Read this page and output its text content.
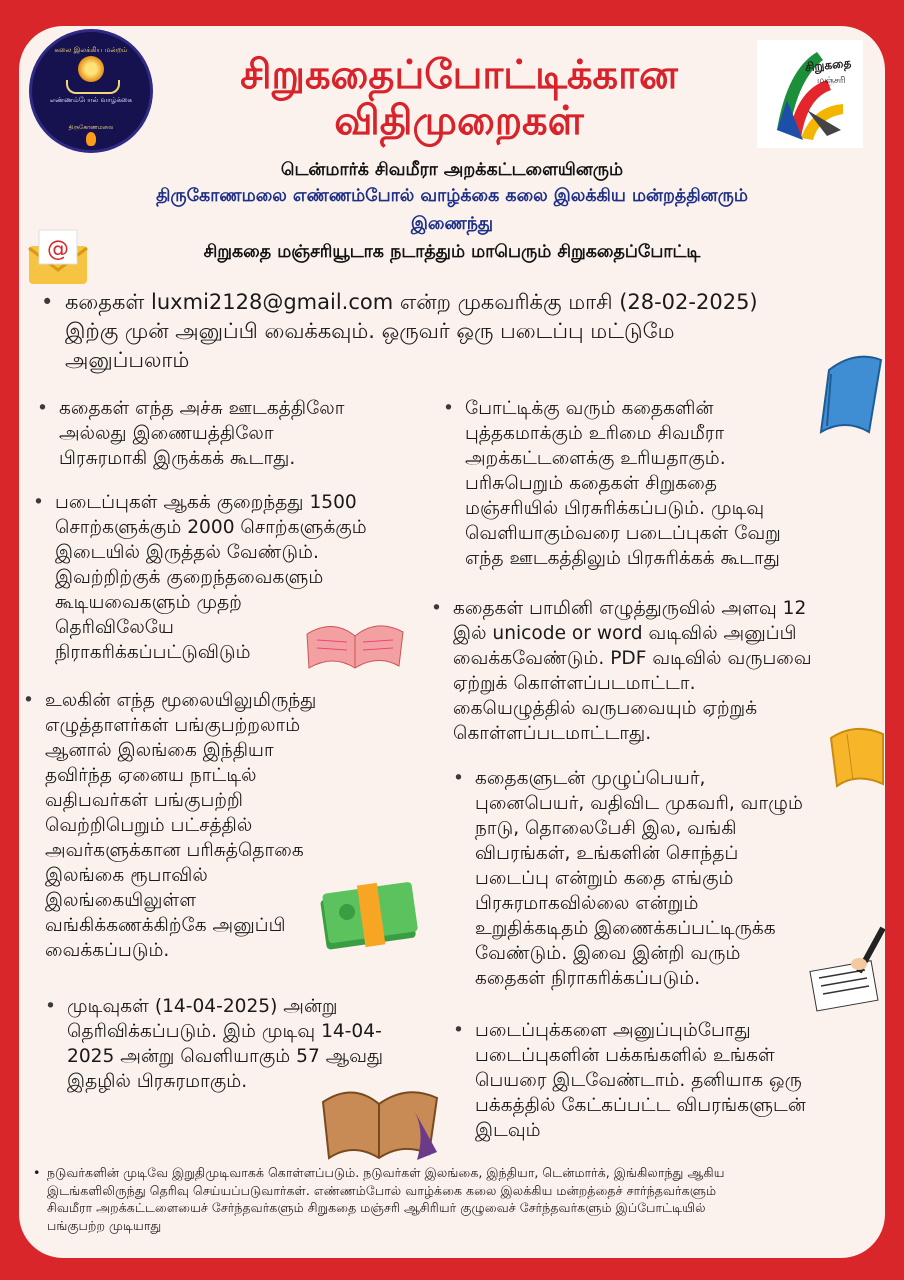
கலை இலக்கிய மன்றம்
எண்ணம்போல் வாழ்க்கை
திருகோணமலை
சிறுகதைப்போட்டிக்கான
விதிமுறைகள்
சிறுகதை
மஞ்சரி
டென்மார்க் சிவமீரா அறக்கட்டளையினரும்
திருகோணமலை எண்ணம்போல் வாழ்க்கை கலை இலக்கிய மன்றத்தினரும்
இணைந்து
சிறுகதை மஞ்சரியூடாக நடாத்தும் மாபெரும் சிறுகதைப்போட்டி
@
• கதைகள் luxmi2128@gmail.com என்ற முகவரிக்கு மாசி (28-02-2025)
இற்கு முன் அனுப்பி வைக்கவும். ஒருவர் ஒரு படைப்பு மட்டுமே
அனுப்பலாம்
• கதைகள் எந்த அச்சு ஊடகத்திலோ
அல்லது இணையத்திலோ
பிரசுரமாகி இருக்கக் கூடாது.
• படைப்புகள் ஆகக் குறைந்தது 1500
சொற்களுக்கும் 2000 சொற்களுக்கும்
இடையில் இருத்தல் வேண்டும்.
இவற்றிற்குக் குறைந்தவைகளும்
கூடியவைகளும் முதற்
தெரிவிலேயே
நிராகரிக்கப்பட்டுவிடும்
• உலகின் எந்த மூலையிலுமிருந்து
எழுத்தாளர்கள் பங்குபற்றலாம்
ஆனால் இலங்கை இந்தியா
தவிர்ந்த ஏனைய நாட்டில்
வதிபவர்கள் பங்குபற்றி
வெற்றிபெறும் பட்சத்தில்
அவர்களுக்கான பரிசுத்தொகை
இலங்கை ரூபாவில்
இலங்கையிலுள்ள
வங்கிக்கணக்கிற்கே அனுப்பி
வைக்கப்படும்.
• முடிவுகள் (14-04-2025) அன்று
தெரிவிக்கப்படும். இம் முடிவு 14-04-
2025 அன்று வெளியாகும் 57 ஆவது
இதழில் பிரசுரமாகும்.
• போட்டிக்கு வரும் கதைகளின்
புத்தகமாக்கும் உரிமை சிவமீரா
அறக்கட்டளைக்கு உரியதாகும்.
பரிசுபெறும் கதைகள் சிறுகதை
மஞ்சரியில் பிரசுரிக்கப்படும். முடிவு
வெளியாகும்வரை படைப்புகள் வேறு
எந்த ஊடகத்திலும் பிரசுரிக்கக் கூடாது
• கதைகள் பாமினி எழுத்துருவில் அளவு 12
இல் unicode or word வடிவில் அனுப்பி
வைக்கவேண்டும். PDF வடிவில் வருபவை
ஏற்றுக் கொள்ளப்படமாட்டா.
கையெழுத்தில் வருபவையும் ஏற்றுக்
கொள்ளப்படமாட்டாது.
• கதைகளுடன் முழுப்பெயர்,
புனைபெயர், வதிவிட முகவரி, வாழும்
நாடு, தொலைபேசி இல, வங்கி
விபரங்கள், உங்களின் சொந்தப்
படைப்பு என்றும் கதை எங்கும்
பிரசுரமாகவில்லை என்றும்
உறுதிக்கடிதம் இணைக்கப்பட்டிருக்க
வேண்டும். இவை இன்றி வரும்
கதைகள் நிராகரிக்கப்படும்.
• படைப்புக்களை அனுப்பும்போது
படைப்புகளின் பக்கங்களில் உங்கள்
பெயரை இடவேண்டாம். தனியாக ஒரு
பக்கத்தில் கேட்கப்பட்ட விபரங்களுடன்
இடவும்
• நடுவர்களின் முடிவே இறுதிமுடிவாகக் கொள்ளப்படும். நடுவர்கள் இலங்கை, இந்தியா, டென்மார்க், இங்கிலாந்து ஆகிய
இடங்களிலிருந்து தெரிவு செய்யப்படுவார்கள். எண்ணம்போல் வாழ்க்கை கலை இலக்கிய மன்றத்தைச் சார்ந்தவர்களும்
சிவமீரா அறக்கட்டளையைச் சேர்ந்தவர்களும் சிறுகதை மஞ்சரி ஆசிரியர் குழுவைச் சேர்ந்தவர்களும் இப்போட்டியில்
பங்குபற்ற முடியாது
